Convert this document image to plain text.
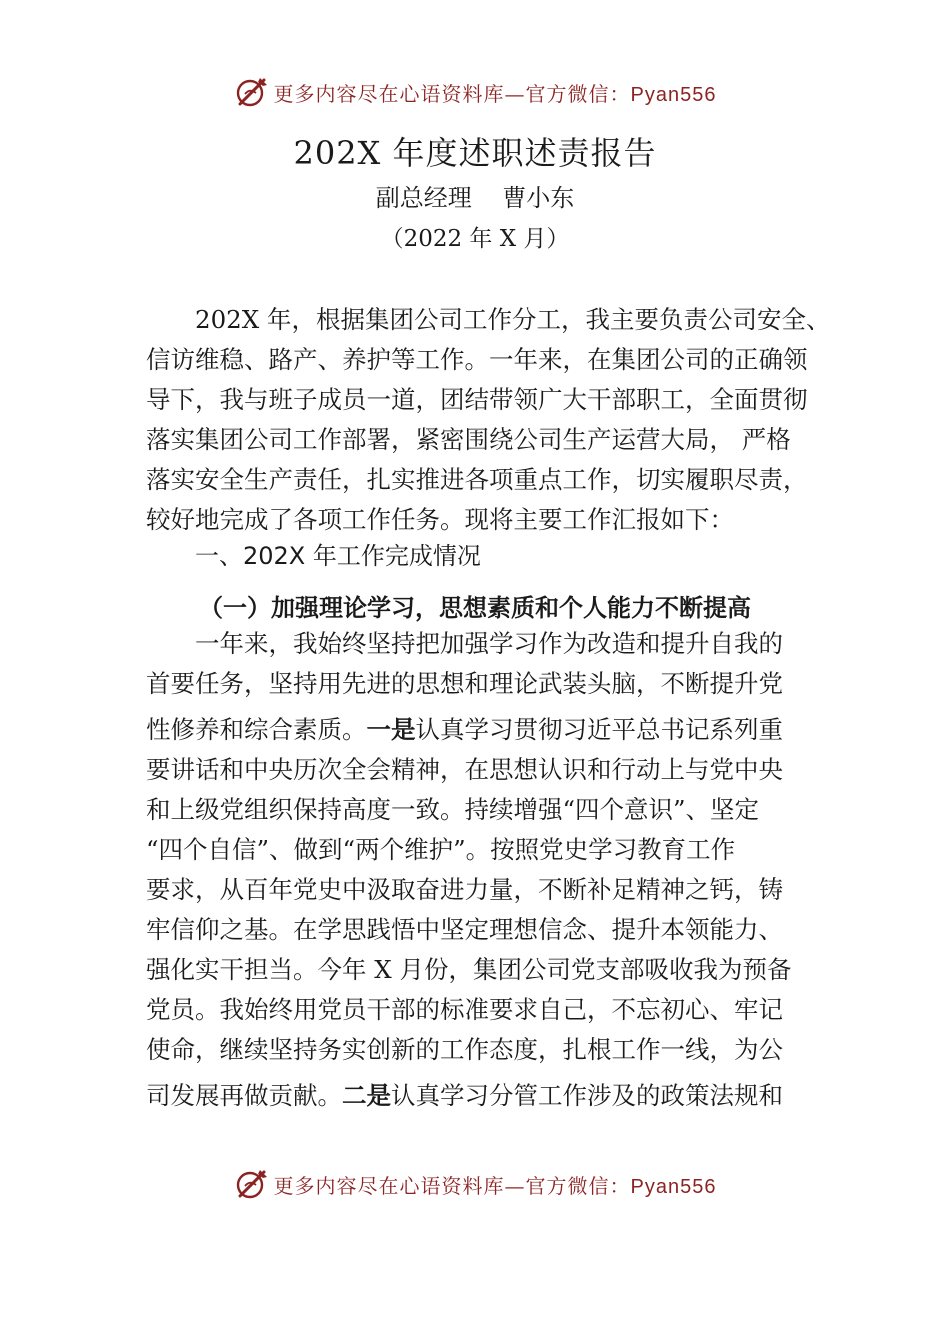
更多内容尽在心语资料库—官方微信：Pyan556
202X 年度述职述责报告
副总经理    曹小东
（2022 年 X 月）
202X 年，根据集团公司工作分工，我主要负责公司安全、
信访维稳、路产、养护等工作。一年来，在集团公司的正确领
导下，我与班子成员一道，团结带领广大干部职工，全面贯彻
落实集团公司工作部署，紧密围绕公司生产运营大局， 严格
落实安全生产责任，扎实推进各项重点工作，切实履职尽责，
较好地完成了各项工作任务。现将主要工作汇报如下：
一、202X 年工作完成情况
（一）加强理论学习，思想素质和个人能力不断提高
一年来，我始终坚持把加强学习作为改造和提升自我的
首要任务，坚持用先进的思想和理论武装头脑，不断提升党
性修养和综合素质。一是认真学习贯彻习近平总书记系列重
要讲话和中央历次全会精神，在思想认识和行动上与党中央
和上级党组织保持高度一致。持续增强“四个意识”、坚定
“四个自信”、做到“两个维护”。按照党史学习教育工作
要求，从百年党史中汲取奋进力量，不断补足精神之钙，铸
牢信仰之基。在学思践悟中坚定理想信念、提升本领能力、
强化实干担当。今年 X 月份，集团公司党支部吸收我为预备
党员。我始终用党员干部的标准要求自己，不忘初心、牢记
使命，继续坚持务实创新的工作态度，扎根工作一线，为公
司发展再做贡献。二是认真学习分管工作涉及的政策法规和
更多内容尽在心语资料库—官方微信：Pyan556
